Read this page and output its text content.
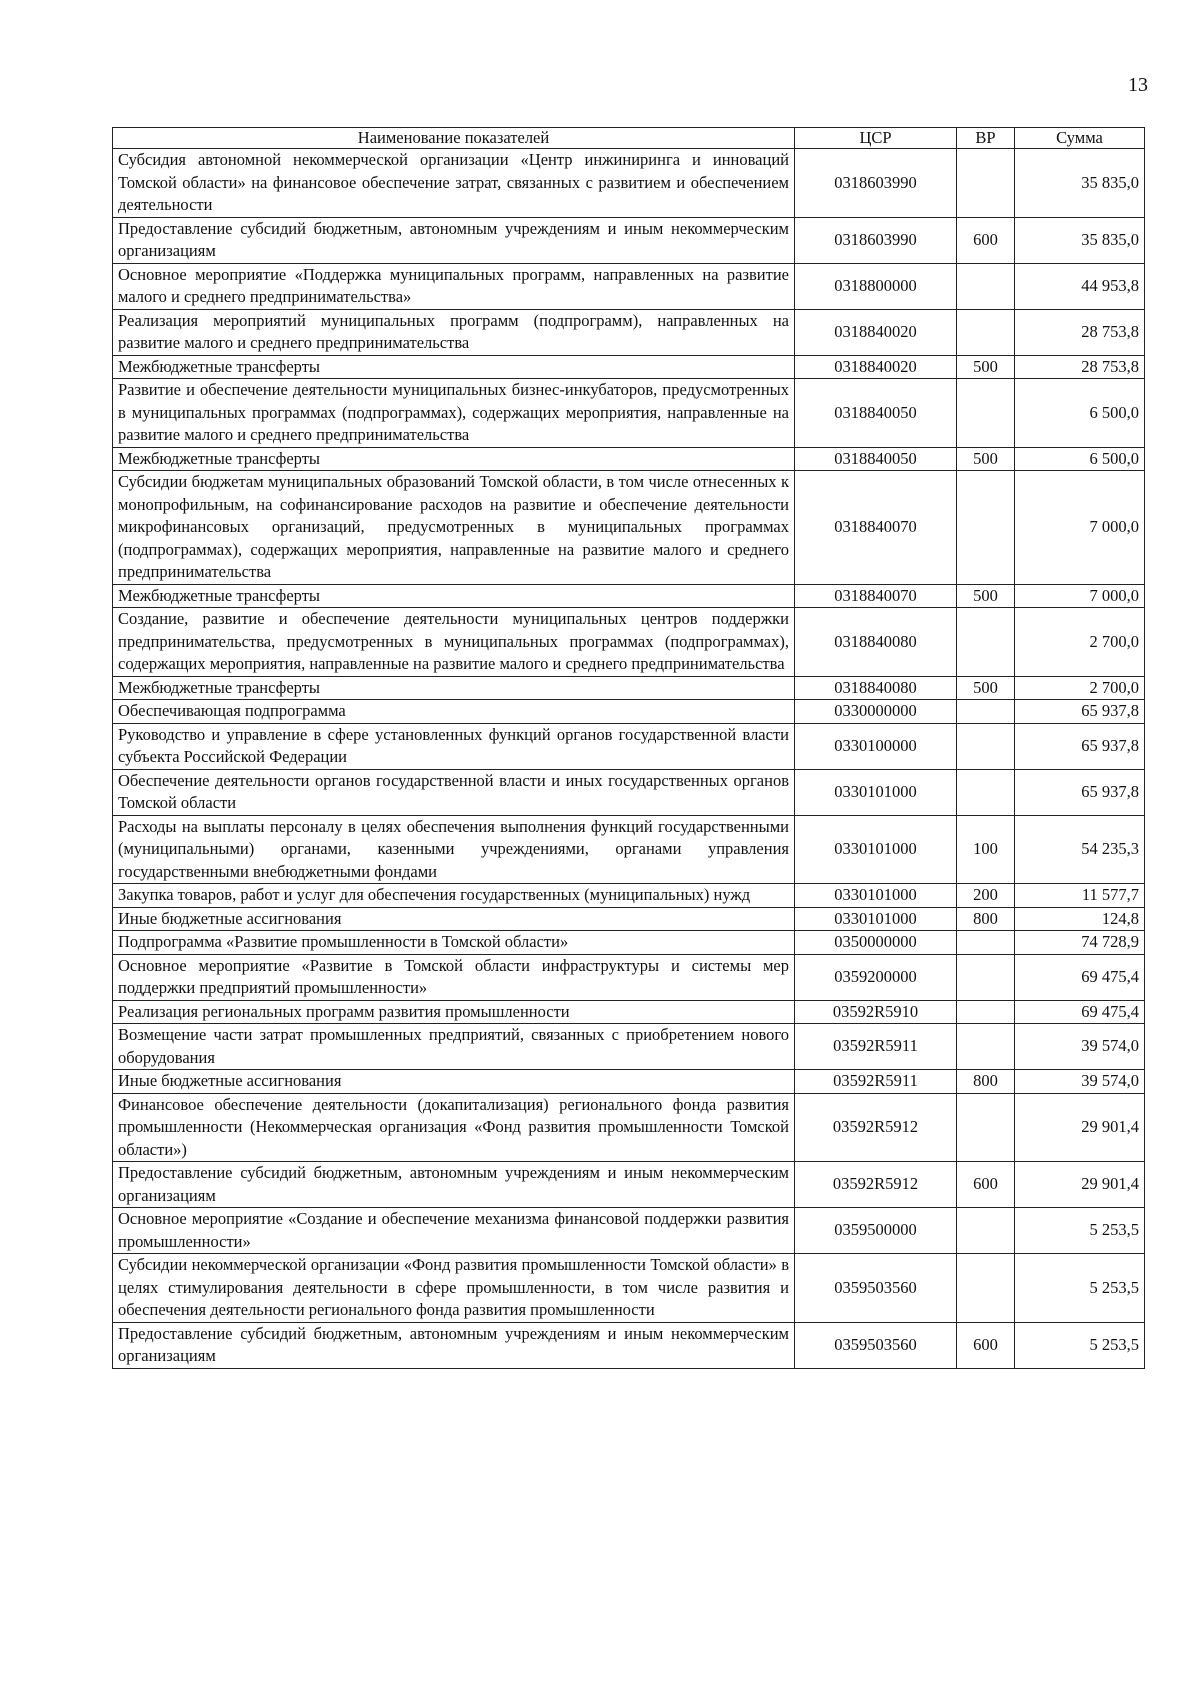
13
Наименование показателей	ЦСР	ВР	Сумма
Субсидия автономной некоммерческой организации «Центр инжиниринга и инноваций Томской области» на финансовое обеспечение затрат, связанных с развитием и обеспечением деятельности	0318603990		35 835,0
Предоставление субсидий бюджетным, автономным учреждениям и иным некоммерческим организациям	0318603990	600	35 835,0
Основное мероприятие «Поддержка муниципальных программ, направленных на развитие малого и среднего предпринимательства»	0318800000		44 953,8
Реализация мероприятий муниципальных программ (подпрограмм), направленных на развитие малого и среднего предпринимательства	0318840020		28 753,8
Межбюджетные трансферты	0318840020	500	28 753,8
Развитие и обеспечение деятельности муниципальных бизнес-инкубаторов, предусмотренных в муниципальных программах (подпрограммах), содержащих мероприятия, направленные на развитие малого и среднего предпринимательства	0318840050		6 500,0
Межбюджетные трансферты	0318840050	500	6 500,0
Субсидии бюджетам муниципальных образований Томской области, в том числе отнесенных к монопрофильным, на софинансирование расходов на развитие и обеспечение деятельности микрофинансовых организаций, предусмотренных в муниципальных программах (подпрограммах), содержащих мероприятия, направленные на развитие малого и среднего предпринимательства	0318840070		7 000,0
Межбюджетные трансферты	0318840070	500	7 000,0
Создание, развитие и обеспечение деятельности муниципальных центров поддержки предпринимательства, предусмотренных в муниципальных программах (подпрограммах), содержащих мероприятия, направленные на развитие малого и среднего предпринимательства	0318840080		2 700,0
Межбюджетные трансферты	0318840080	500	2 700,0
Обеспечивающая подпрограмма	0330000000		65 937,8
Руководство и управление в сфере установленных функций органов государственной власти субъекта Российской Федерации	0330100000		65 937,8
Обеспечение деятельности органов государственной власти и иных государственных органов Томской области	0330101000		65 937,8
Расходы на выплаты персоналу в целях обеспечения выполнения функций государственными (муниципальными) органами, казенными учреждениями, органами управления государственными внебюджетными фондами	0330101000	100	54 235,3
Закупка товаров, работ и услуг для обеспечения государственных (муниципальных) нужд	0330101000	200	11 577,7
Иные бюджетные ассигнования	0330101000	800	124,8
Подпрограмма «Развитие промышленности в Томской области»	0350000000		74 728,9
Основное мероприятие «Развитие в Томской области инфраструктуры и системы мер поддержки предприятий промышленности»	0359200000		69 475,4
Реализация региональных программ развития промышленности	03592R5910		69 475,4
Возмещение части затрат промышленных предприятий, связанных с приобретением нового оборудования	03592R5911		39 574,0
Иные бюджетные ассигнования	03592R5911	800	39 574,0
Финансовое обеспечение деятельности (докапитализация) регионального фонда развития промышленности (Некоммерческая организация «Фонд развития промышленности Томской области»)	03592R5912		29 901,4
Предоставление субсидий бюджетным, автономным учреждениям и иным некоммерческим организациям	03592R5912	600	29 901,4
Основное мероприятие «Создание и обеспечение механизма финансовой поддержки развития промышленности»	0359500000		5 253,5
Субсидии некоммерческой организации «Фонд развития промышленности Томской области» в целях стимулирования деятельности в сфере промышленности, в том числе развития и обеспечения деятельности регионального фонда развития промышленности	0359503560		5 253,5
Предоставление субсидий бюджетным, автономным учреждениям и иным некоммерческим организациям	0359503560	600	5 253,5
